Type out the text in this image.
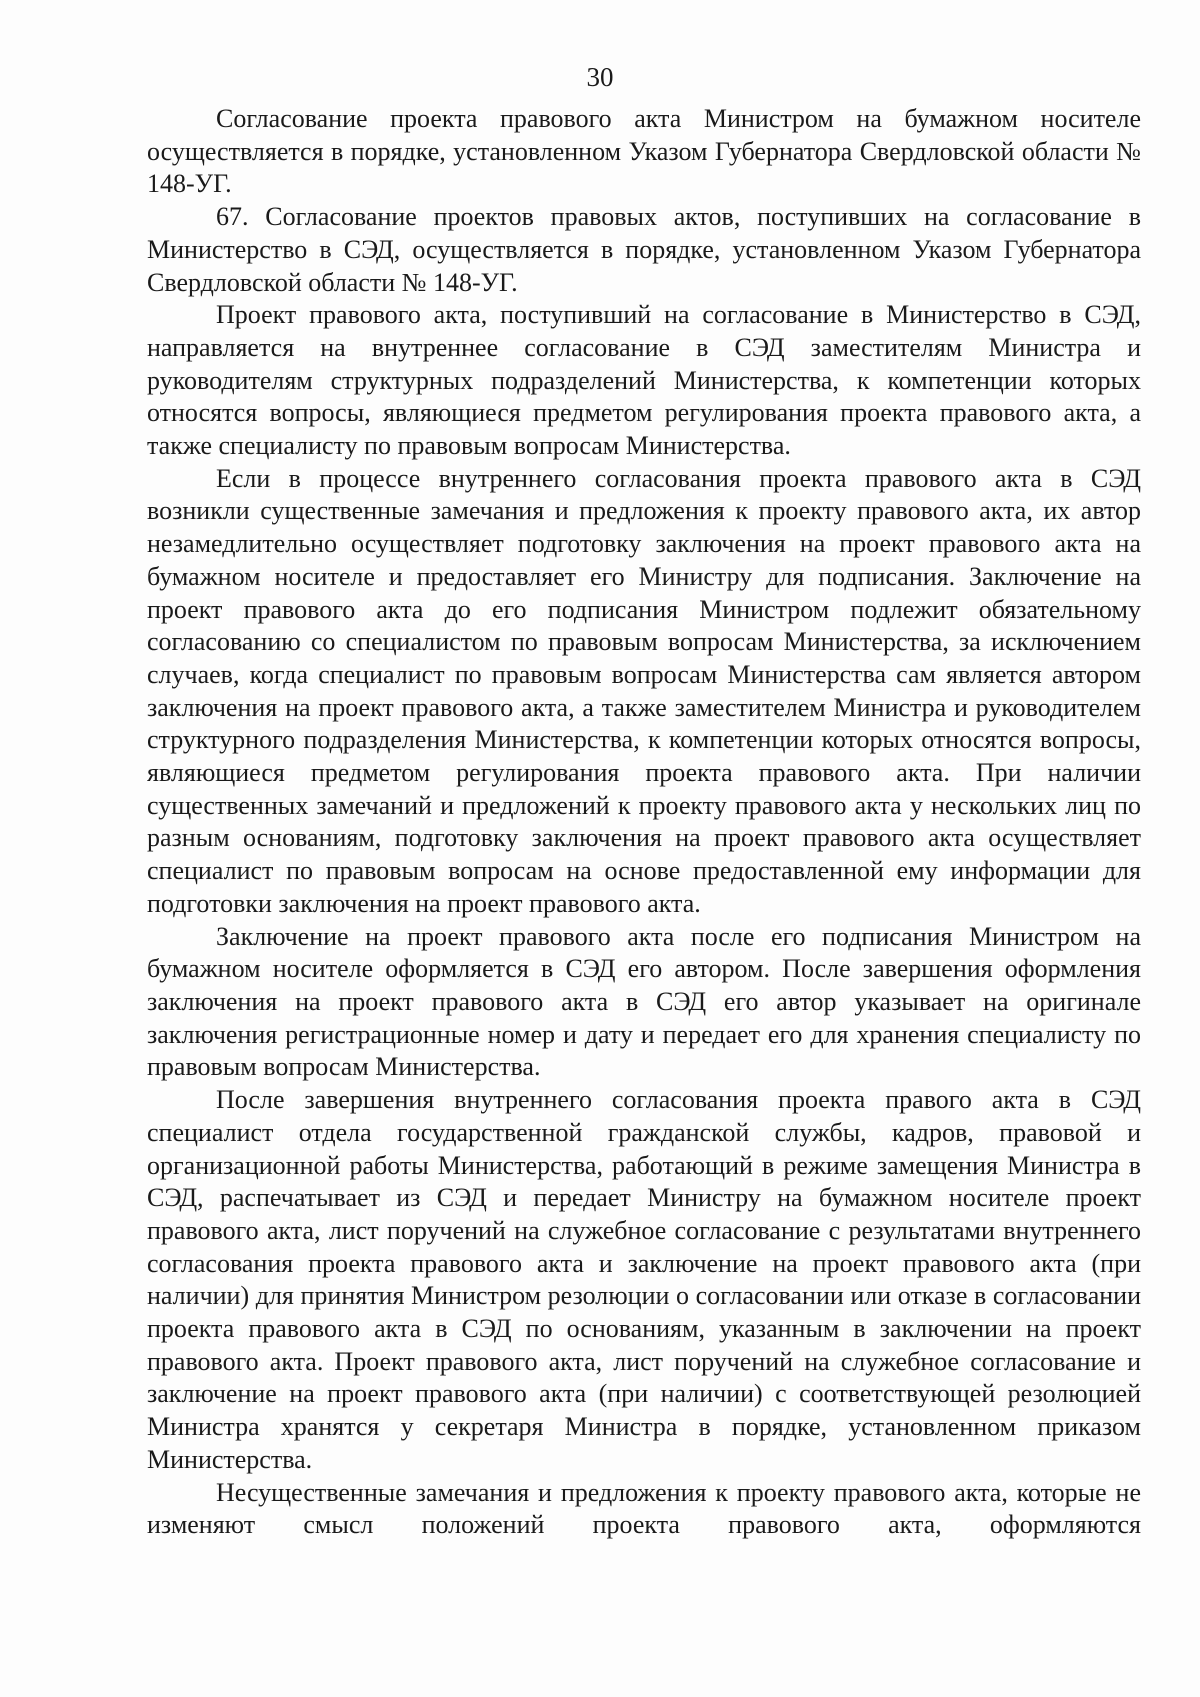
30

Согласование проекта правового акта Министром на бумажном носителе осуществляется в порядке, установленном Указом Губернатора Свердловской области № 148-УГ.

67. Согласование проектов правовых актов, поступивших на согласование в Министерство в СЭД, осуществляется в порядке, установленном Указом Губернатора Свердловской области № 148-УГ.

Проект правового акта, поступивший на согласование в Министерство в СЭД, направляется на внутреннее согласование в СЭД заместителям Министра и руководителям структурных подразделений Министерства, к компетенции которых относятся вопросы, являющиеся предметом регулирования проекта правового акта, а также специалисту по правовым вопросам Министерства.

Если в процессе внутреннего согласования проекта правового акта в СЭД возникли существенные замечания и предложения к проекту правового акта, их автор незамедлительно осуществляет подготовку заключения на проект правового акта на бумажном носителе и предоставляет его Министру для подписания. Заключение на проект правового акта до его подписания Министром подлежит обязательному согласованию со специалистом по правовым вопросам Министерства, за исключением случаев, когда специалист по правовым вопросам Министерства сам является автором заключения на проект правового акта, а также заместителем Министра и руководителем структурного подразделения Министерства, к компетенции которых относятся вопросы, являющиеся предметом регулирования проекта правового акта. При наличии существенных замечаний и предложений к проекту правового акта у нескольких лиц по разным основаниям, подготовку заключения на проект правового акта осуществляет специалист по правовым вопросам на основе предоставленной ему информации для подготовки заключения на проект правового акта.

Заключение на проект правового акта после его подписания Министром на бумажном носителе оформляется в СЭД его автором. После завершения оформления заключения на проект правового акта в СЭД его автор указывает на оригинале заключения регистрационные номер и дату и передает его для хранения специалисту по правовым вопросам Министерства.

После завершения внутреннего согласования проекта правого акта в СЭД специалист отдела государственной гражданской службы, кадров, правовой и организационной работы Министерства, работающий в режиме замещения Министра в СЭД, распечатывает из СЭД и передает Министру на бумажном носителе проект правового акта, лист поручений на служебное согласование с результатами внутреннего согласования проекта правового акта и заключение на проект правового акта (при наличии) для принятия Министром резолюции о согласовании или отказе в согласовании проекта правового акта в СЭД по основаниям, указанным в заключении на проект правового акта. Проект правового акта, лист поручений на служебное согласование и заключение на проект правового акта (при наличии) с соответствующей резолюцией Министра хранятся у секретаря Министра в порядке, установленном приказом Министерства.

Несущественные замечания и предложения к проекту правового акта, которые не изменяют смысл положений проекта правового акта, оформляются
